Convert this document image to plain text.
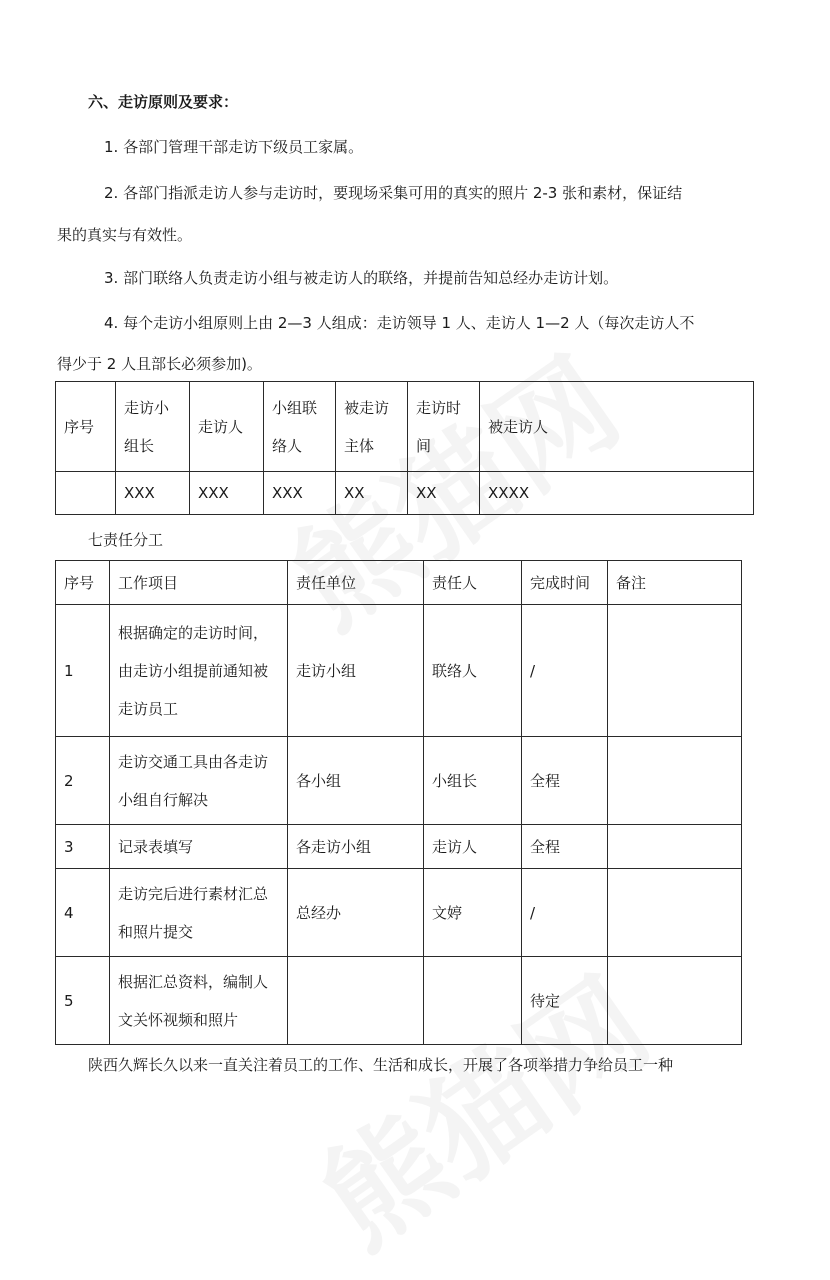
六、走访原则及要求：
1. 各部门管理干部走访下级员工家属。
2. 各部门指派走访人参与走访时，要现场采集可用的真实的照片 2-3 张和素材，保证结
果的真实与有效性。
3. 部门联络人负责走访小组与被走访人的联络，并提前告知总经办走访计划。
4. 每个走访小组原则上由 2—3 人组成：走访领导 1 人、走访人 1—2 人（每次走访人不
得少于 2 人且部长必须参加)。
序号	走访小组长	走访人	小组联络人	被走访主体	走访时间	被走访人
	XXX	XXX	XXX	XX	XX	XXXX
七责任分工
序号	工作项目	责任单位	责任人	完成时间	备注
1	根据确定的走访时间，由走访小组提前通知被走访员工	走访小组	联络人	/	
2	走访交通工具由各走访小组自行解决	各小组	小组长	全程	
3	记录表填写	各走访小组	走访人	全程	
4	走访完后进行素材汇总和照片提交	总经办	文婷	/	
5	根据汇总资料，编制人文关怀视频和照片			待定	
陕西久辉长久以来一直关注着员工的工作、生活和成长，开展了各项举措力争给员工一种
